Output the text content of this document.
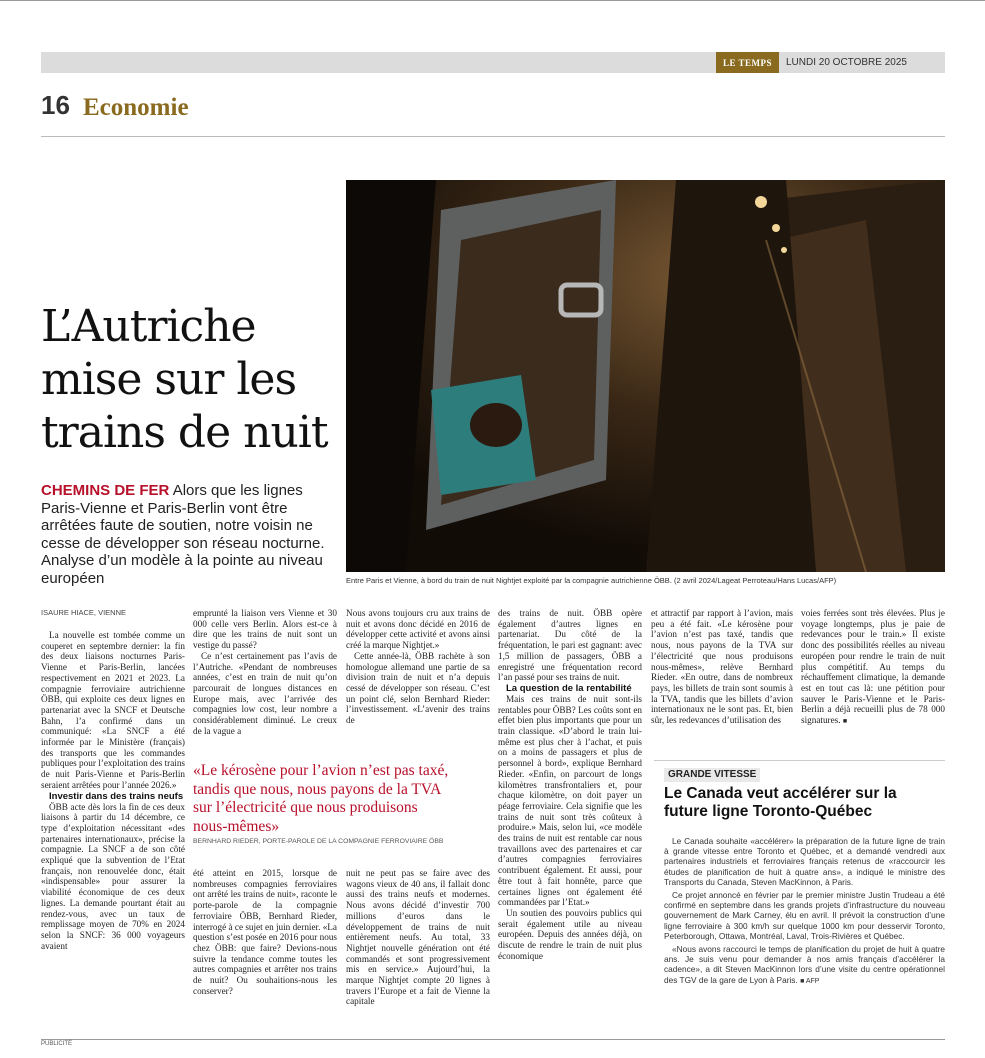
LE TEMPS	LUNDI 20 OCTOBRE 2025
16 Economie
L’Autriche mise sur les trains de nuit

CHEMINS DE FER Alors que les lignes Paris-Vienne et Paris-Berlin vont être arrêtées faute de soutien, notre voisin ne cesse de développer son réseau nocturne. Analyse d’un modèle à la pointe au niveau européen	Entre Paris et Vienne, à bord du train de nuit Nightjet exploité par la compagnie autrichienne ÖBB. (2 avril 2024/Lageat Perroteau/Hans Lucas/AFP)
ISAURE HIACE, VIENNE

La nouvelle est tombée comme un couperet en septembre dernier: la fin des deux liaisons nocturnes Paris-Vienne et Paris-Berlin, lancées respectivement en 2021 et 2023. La compagnie ferroviaire autrichienne ÖBB, qui exploite ces deux lignes en partenariat avec la SNCF et Deutsche Bahn, l’a confirmé dans un communiqué: «La SNCF a été informée par le Ministère (français) des transports que les commandes publiques pour l’exploitation des trains de nuit Paris-Vienne et Paris-Berlin seraient arrêtées pour l’année 2026.»

Investir dans des trains neufs

ÖBB acte dès lors la fin de ces deux liaisons à partir du 14 décembre, ce type d’exploitation nécessitant «des partenaires internationaux», précise la compagnie. La SNCF a de son côté expliqué que la subvention de l’Etat français, non renouvelée donc, était «indispensable» pour assurer la viabilité économique de ces deux lignes. La demande pourtant était au rendez-vous, avec un taux de remplissage moyen de 70% en 2024 selon la SNCF: 36 000 voyageurs avaient

emprunté la liaison vers Vienne et 30 000 celle vers Berlin. Alors est-ce à dire que les trains de nuit sont un vestige du passé?

Ce n’est certainement pas l’avis de l’Autriche. «Pendant de nombreuses années, c’est en train de nuit qu’on parcourait de longues distances en Europe mais, avec l’arrivée des compagnies low cost, leur nombre a considérablement diminué. Le creux de la vague a

Nous avons toujours cru aux trains de nuit et avons donc décidé en 2016 de développer cette activité et avons ainsi créé la marque Nightjet.»

Cette année-là, ÖBB rachète à son homologue allemand une partie de sa division train de nuit et n’a depuis cessé de développer son réseau. C’est un point clé, selon Bernhard Rieder: l’investissement. «L’avenir des trains de

«Le kérosène pour l’avion n’est pas taxé, tandis que nous, nous payons de la TVA sur l’électricité que nous produisons nous-mêmes»

BERNHARD RIEDER, PORTE-PAROLE DE LA COMPAGNIE FERROVIAIRE ÖBB

été atteint en 2015, lorsque de nombreuses compagnies ferroviaires ont arrêté les trains de nuit», raconte le porte-parole de la compagnie ferroviaire ÖBB, Bernhard Rieder, interrogé à ce sujet en juin dernier. «La question s’est posée en 2016 pour nous chez ÖBB: que faire? Devions-nous suivre la tendance comme toutes les autres compagnies et arrêter nos trains de nuit? Ou souhaitions-nous les conserver?

nuit ne peut pas se faire avec des wagons vieux de 40 ans, il fallait donc aussi des trains neufs et modernes. Nous avons décidé d’investir 700 millions d’euros dans le développement de trains de nuit entièrement neufs. Au total, 33 Nightjet nouvelle génération ont été commandés et sont progressivement mis en service.» Aujourd’hui, la marque Nightjet compte 20 lignes à travers l’Europe et a fait de Vienne la capitale

des trains de nuit. ÖBB opère également d’autres lignes en partenariat. Du côté de la fréquentation, le pari est gagnant: avec 1,5 million de passagers, ÖBB a enregistré une fréquentation record l’an passé pour ses trains de nuit.

La question de la rentabilité

Mais ces trains de nuit sont-ils rentables pour ÖBB? Les coûts sont en effet bien plus importants que pour un train classique. «D’abord le train lui-même est plus cher à l’achat, et puis on a moins de passagers et plus de personnel à bord», explique Bernhard Rieder. «Enfin, on parcourt de longs kilomètres transfrontaliers et, pour chaque kilomètre, on doit payer un péage ferroviaire. Cela signifie que les trains de nuit sont très coûteux à produire.» Mais, selon lui, «ce modèle des trains de nuit est rentable car nous travaillons avec des partenaires et car d’autres compagnies ferroviaires contribuent également. Et aussi, pour être tout à fait honnête, parce que certaines lignes ont également été commandées par l’Etat.»

Un soutien des pouvoirs publics qui serait également utile au niveau européen. Depuis des années déjà, on discute de rendre le train de nuit plus économique

et attractif par rapport à l’avion, mais peu a été fait. «Le kérosène pour l’avion n’est pas taxé, tandis que nous, nous payons de la TVA sur l’électricité que nous produisons nous-mêmes», relève Bernhard Rieder. «En outre, dans de nombreux pays, les billets de train sont soumis à la TVA, tandis que les billets d’avion internationaux ne le sont pas. Et, bien sûr, les redevances d’utilisation des

voies ferrées sont très élevées. Plus je voyage longtemps, plus je paie de redevances pour le train.» Il existe donc des possibilités réelles au niveau européen pour rendre le train de nuit plus compétitif. Au temps du réchauffement climatique, la demande est en tout cas là: une pétition pour sauver le Paris-Vienne et le Paris-Berlin a déjà recueilli plus de 78 000 signatures. ■

GRANDE VITESSE
Le Canada veut accélérer sur la future ligne Toronto-Québec

Le Canada souhaite «accélérer» la préparation de la future ligne de train à grande vitesse entre Toronto et Québec, et a demandé vendredi aux partenaires industriels et ferroviaires français retenus de «raccourcir les études de planification de huit à quatre ans», a indiqué le ministre des Transports du Canada, Steven MacKinnon, à Paris.

Ce projet annoncé en février par le premier ministre Justin Trudeau a été confirmé en septembre dans les grands projets d’infrastructure du nouveau gouvernement de Mark Carney, élu en avril. Il prévoit la construction d’une ligne ferroviaire à 300 km/h sur quelque 1000 km pour desservir Toronto, Peterborough, Ottawa, Montréal, Laval, Trois-Rivières et Québec.

«Nous avons raccourci le temps de planification du projet de huit à quatre ans. Je suis venu pour demander à nos amis français d’accélérer la cadence», a dit Steven MacKinnon lors d’une visite du centre opérationnel des TGV de la gare de Lyon à Paris. ■ AFP

PUBLICITÉ
